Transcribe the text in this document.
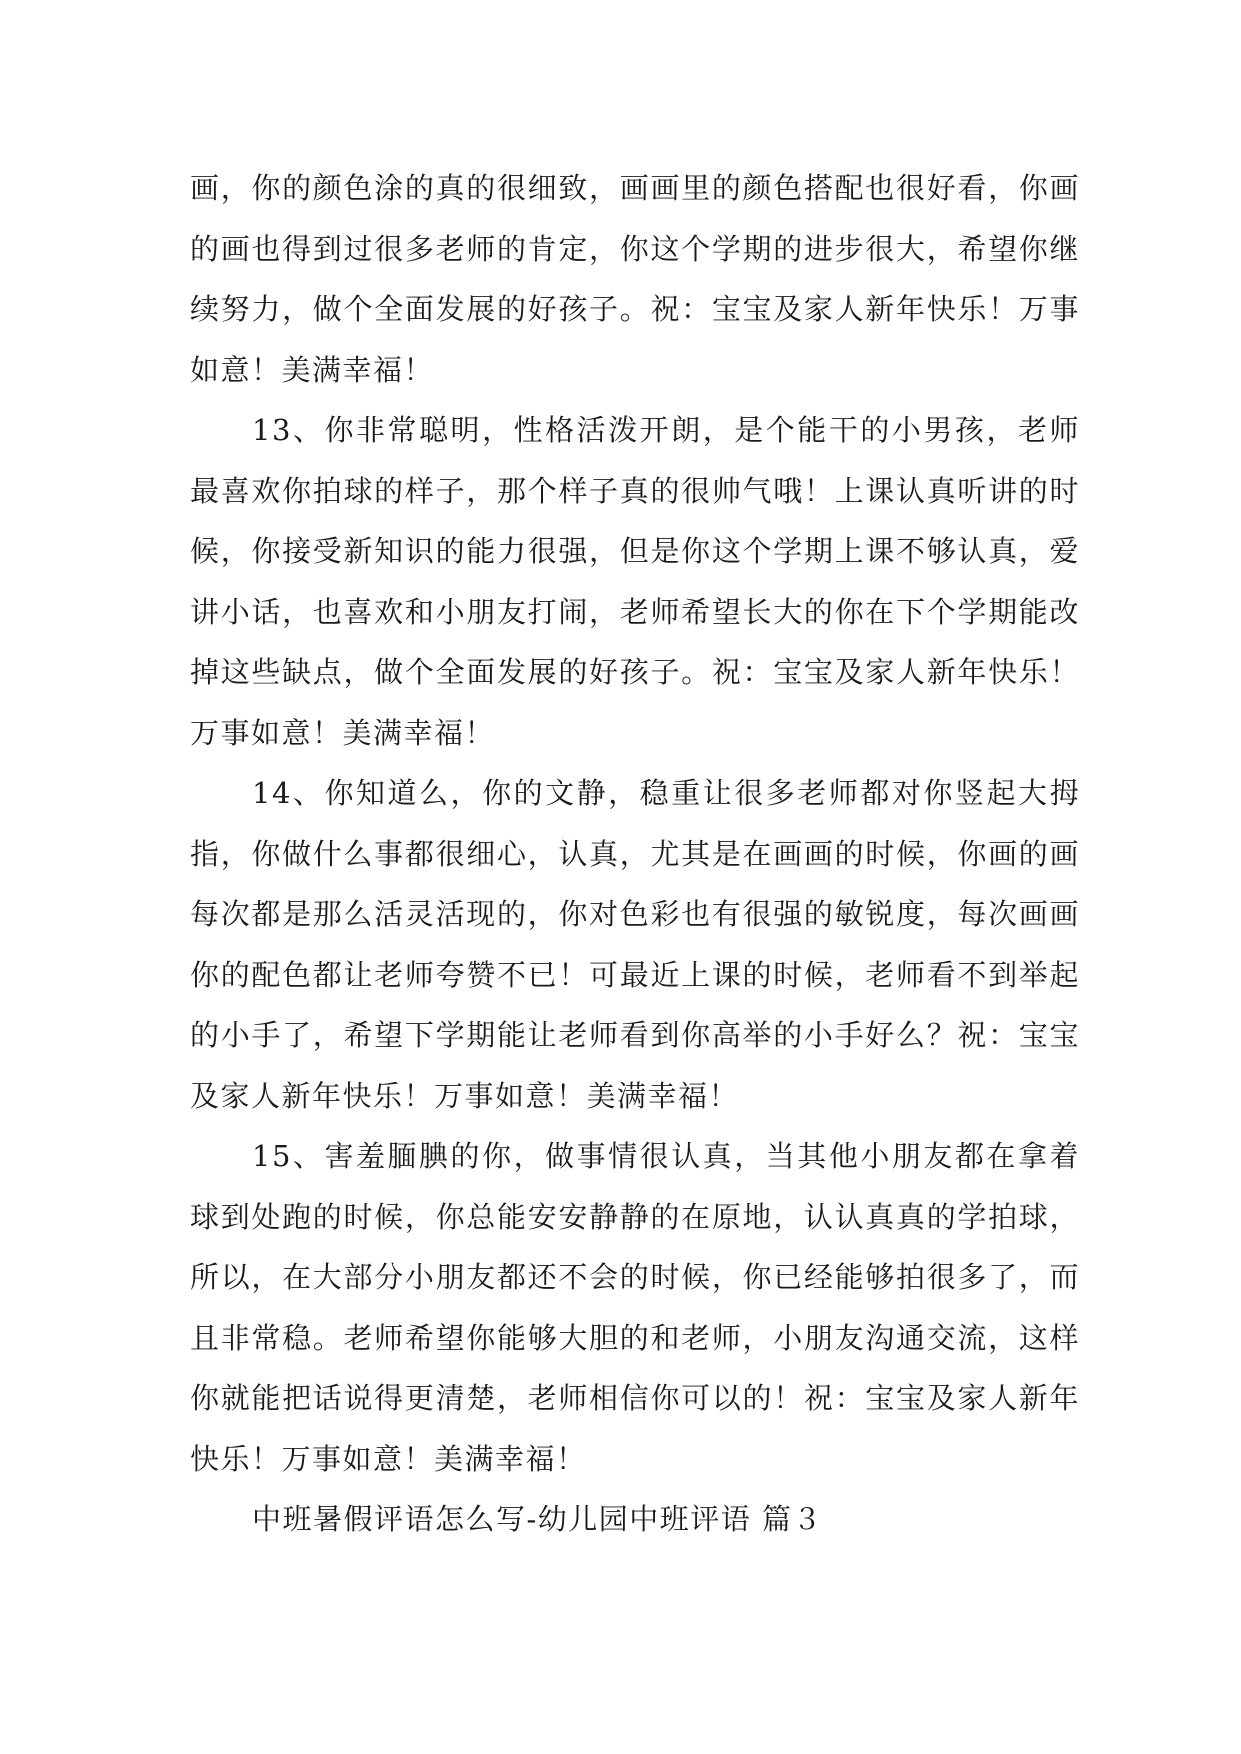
画，你的颜色涂的真的很细致，画画里的颜色搭配也很好看，你画的画也得到过很多老师的肯定，你这个学期的进步很大，希望你继续努力，做个全面发展的好孩子。祝：宝宝及家人新年快乐！万事如意！美满幸福！

13、你非常聪明，性格活泼开朗，是个能干的小男孩，老师最喜欢你拍球的样子，那个样子真的很帅气哦！上课认真听讲的时候，你接受新知识的能力很强，但是你这个学期上课不够认真，爱讲小话，也喜欢和小朋友打闹，老师希望长大的你在下个学期能改掉这些缺点，做个全面发展的好孩子。祝：宝宝及家人新年快乐！万事如意！美满幸福！

14、你知道么，你的文静，稳重让很多老师都对你竖起大拇指，你做什么事都很细心，认真，尤其是在画画的时候，你画的画每次都是那么活灵活现的，你对色彩也有很强的敏锐度，每次画画你的配色都让老师夸赞不已！可最近上课的时候，老师看不到举起的小手了，希望下学期能让老师看到你高举的小手好么？祝：宝宝及家人新年快乐！万事如意！美满幸福！

15、害羞腼腆的你，做事情很认真，当其他小朋友都在拿着球到处跑的时候，你总能安安静静的在原地，认认真真的学拍球，所以，在大部分小朋友都还不会的时候，你已经能够拍很多了，而且非常稳。老师希望你能够大胆的和老师，小朋友沟通交流，这样你就能把话说得更清楚，老师相信你可以的！祝：宝宝及家人新年快乐！万事如意！美满幸福！

中班暑假评语怎么写-幼儿园中班评语 篇３
